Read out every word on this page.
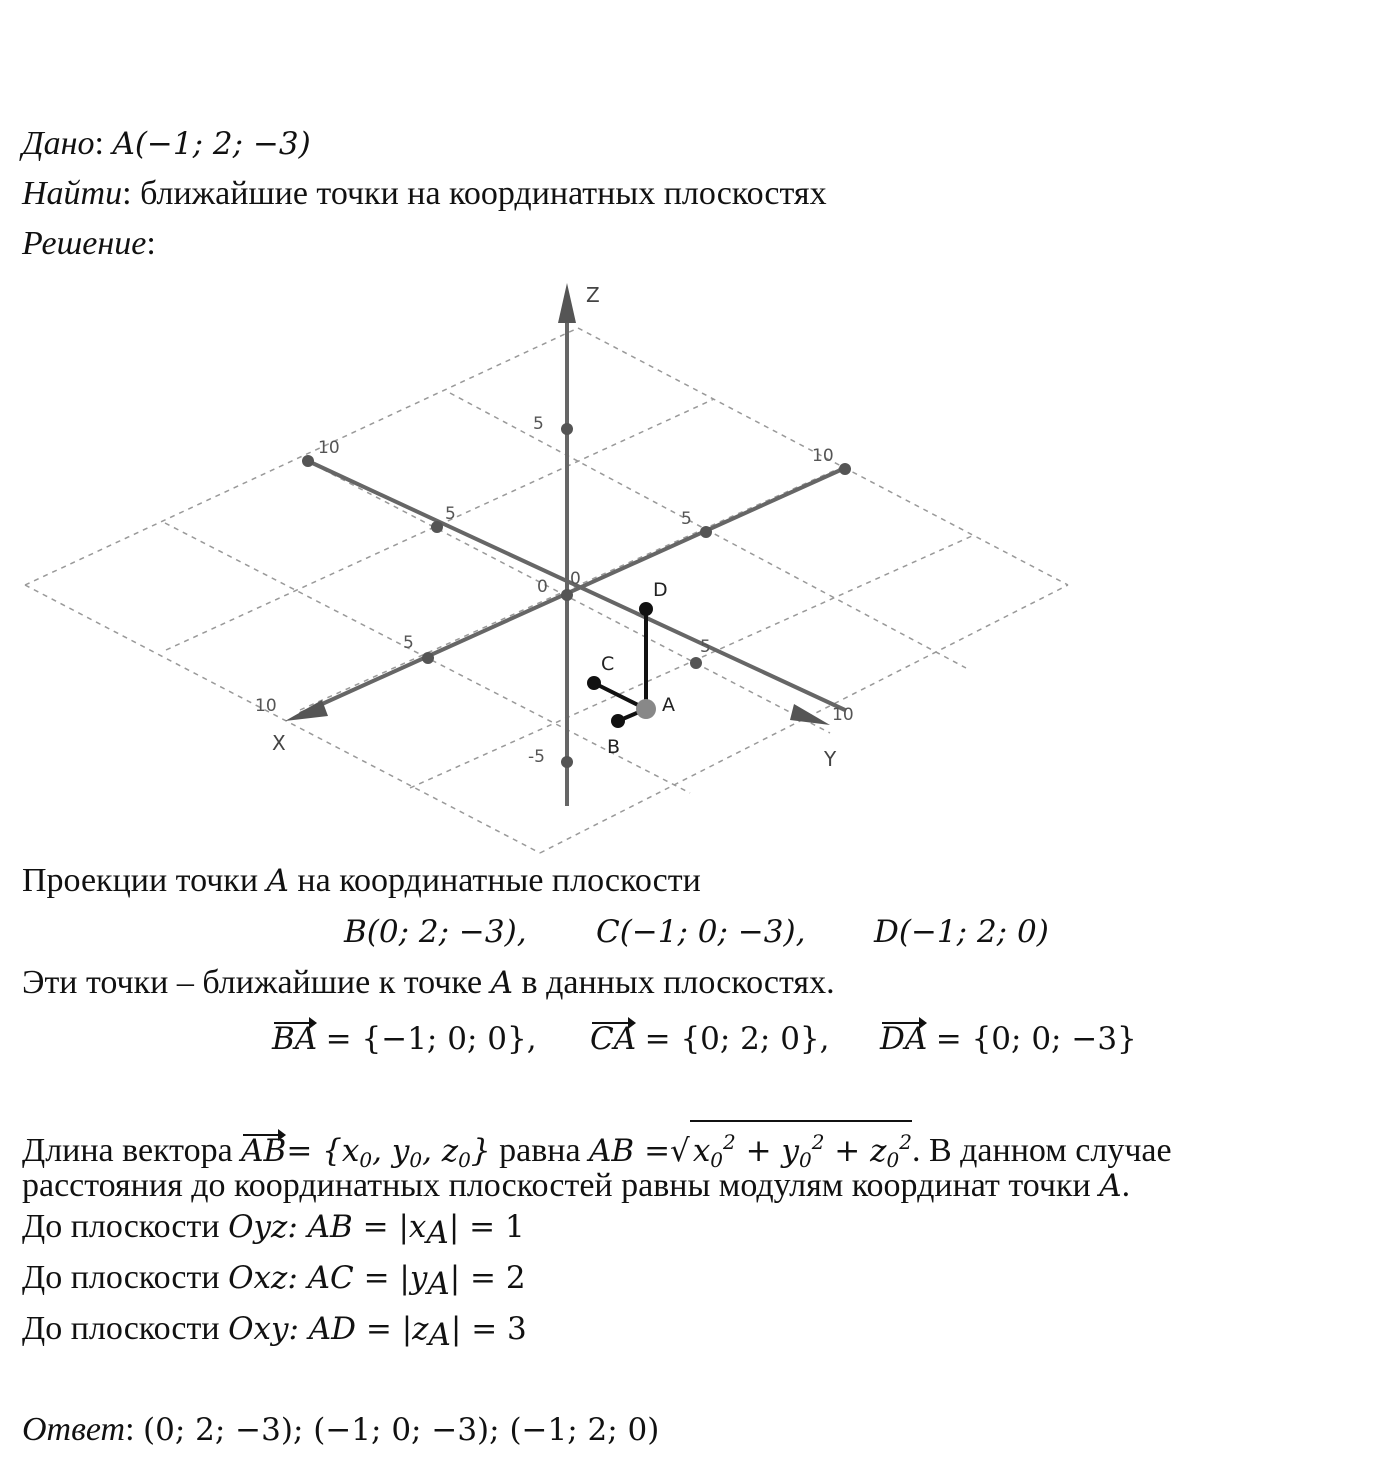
Дано: A(−1; 2; −3)
Найти: ближайшие точки на координатных плоскостях
Решение:
10
5	5
10
5	5
10	10
5
-5
0 0
Z
X
Y
A
B
C
D
Проекции точки A на координатные плоскости
B(0; 2; −3), C(−1; 0; −3), D(−1; 2; 0)
Эти точки – ближайшие к точке A в данных плоскостях.
BA = {−1; 0; 0}, CA = {0; 2; 0}, DA = {0; 0; −3}
Длина вектора $AB= \{x_0$, $y_0$, $z_0$} равна AB $=√x_0^2 + y_0^2 + z_0^2$. В данном случае
расстояния до координатных плоскостей равны модулям координат точки A.
До плоскости Oyz: AB = $|x_A| = 1$
До плоскости Oxz: AC = $|y_A| = 2$
До плоскости Oxy: AD = $|z_A| = 3$
Ответ: (0; 2; −3); (−1; 0; −3); (−1; 2; 0)
